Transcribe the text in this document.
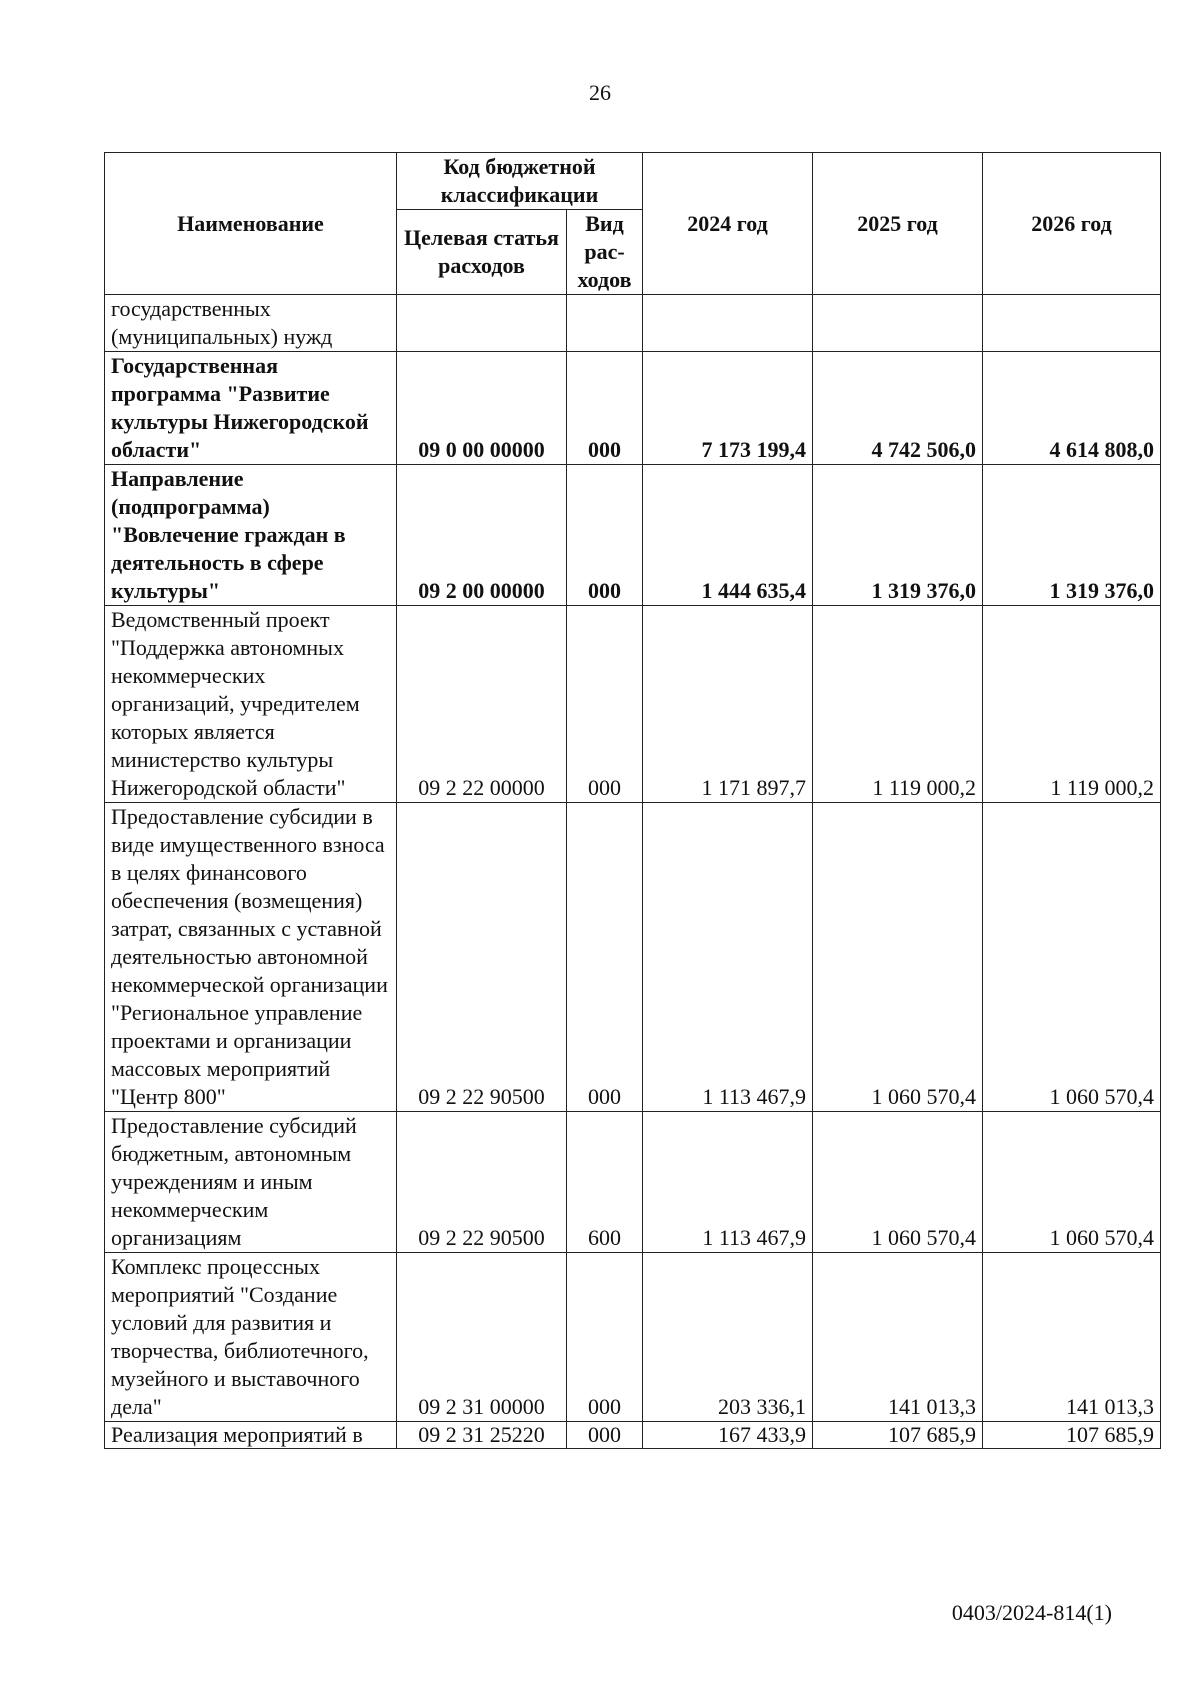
26
Наименование	Код бюджетной классификации		2024 год	2025 год	2026 год
	Целевая статья расходов	Вид рас-ходов			
государственных (муниципальных) нужд					
Государственная программа "Развитие культуры Нижегородской области"	09 0 00 00000	000	7 173 199,4	4 742 506,0	4 614 808,0
Направление (подпрограмма) "Вовлечение граждан в деятельность в сфере культуры"	09 2 00 00000	000	1 444 635,4	1 319 376,0	1 319 376,0
Ведомственный проект "Поддержка автономных некоммерческих организаций, учредителем которых является министерство культуры Нижегородской области"	09 2 22 00000	000	1 171 897,7	1 119 000,2	1 119 000,2
Предоставление субсидии в виде имущественного взноса в целях финансового обеспечения (возмещения) затрат, связанных с уставной деятельностью автономной некоммерческой организации "Региональное управление проектами и организации массовых мероприятий "Центр 800"	09 2 22 90500	000	1 113 467,9	1 060 570,4	1 060 570,4
Предоставление субсидий бюджетным, автономным учреждениям и иным некоммерческим организациям	09 2 22 90500	600	1 113 467,9	1 060 570,4	1 060 570,4
Комплекс процессных мероприятий "Создание условий для развития и творчества, библиотечного, музейного и выставочного дела"	09 2 31 00000	000	203 336,1	141 013,3	141 013,3
Реализация мероприятий в	09 2 31 25220	000	167 433,9	107 685,9	107 685,9
0403/2024-814(1)
